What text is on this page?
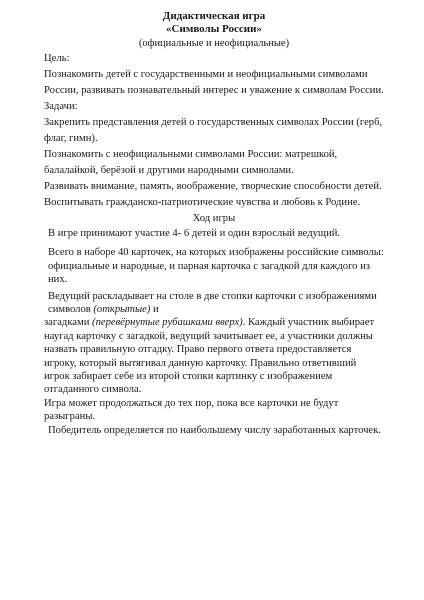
Дидактическая игра
«Символы России»
(официальные и неофициальные)
Цель:

Познакомить детей с государственными и неофициальными символами России, развивать познавательный интерес и уважение к символам России.

Задачи:

Закрепить представления детей о государственных символах России (герб, флаг, гимн).

Познакомить с неофициальными символами России: матрешкой, балалайкой, берёзой и другими народными символами.

Развивать внимание, память, воображение, творческие способности детей.

Воспитывать гражданско-патриотические чувства и любовь к Родине.

Ход игры

В игре принимают участие 4- 6 детей и один взрослый ведущий.

Всего в наборе 40 карточек, на которых изображены российские символы: официальные и народные, и парная карточка с загадкой для каждого из них.

Ведущий раскладывает на столе в две стопки карточки с изображениями символов (открытые) и

загадками (перевёрнутые рубашками вверх). Каждый участник выбирает наугад карточку с загадкой, ведущий зачитывает ее, а участники должны назвать правильную отгадку. Право первого ответа предоставляется игроку, который вытягивал данную карточку. Правильно ответивший игрок забирает себе из второй стопки картинку с изображением отгаданного символа.

Игра может продолжаться до тех пор, пока все карточки не будут разыграны.

Победитель определяется по наибольшему числу заработанных карточек.
